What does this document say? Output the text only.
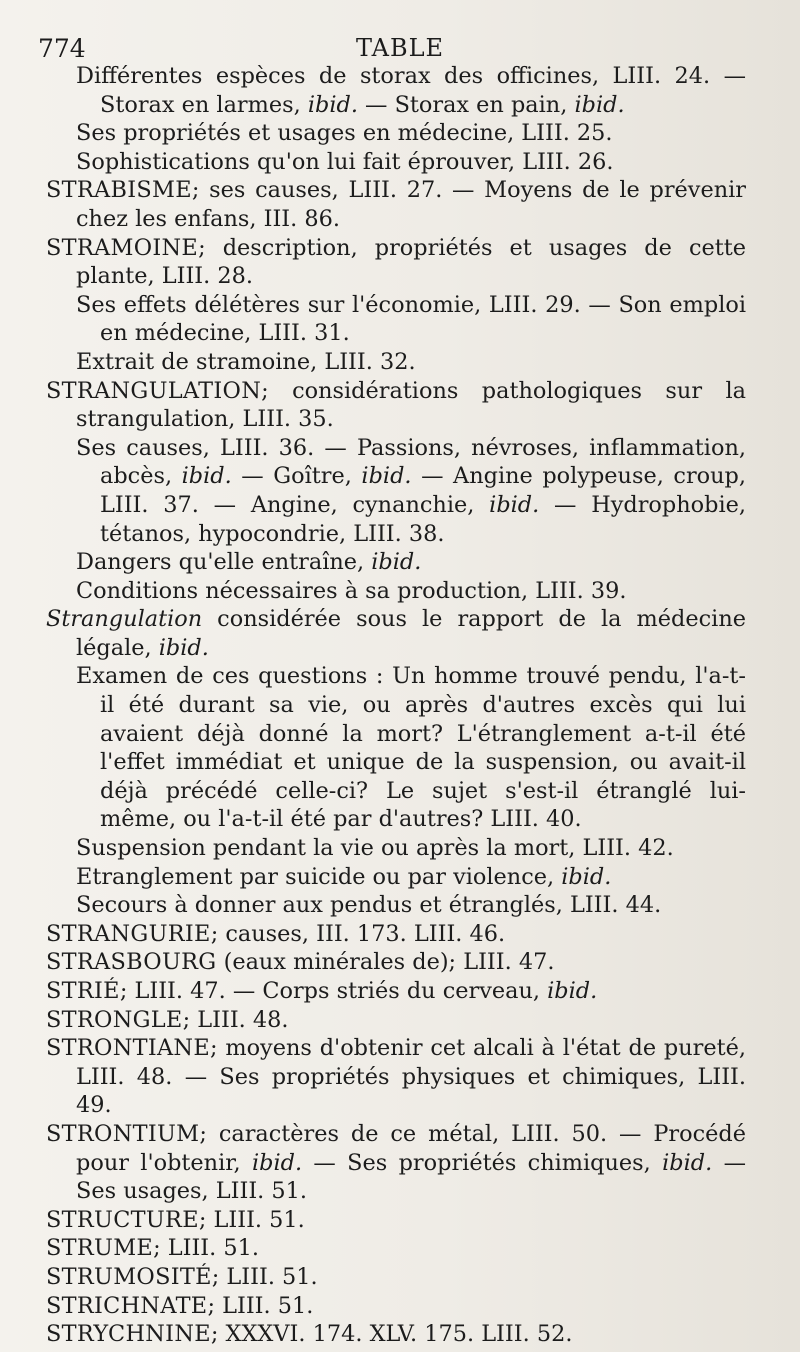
774	TABLE

Différentes espèces de storax des officines, LIII. 24. — Storax en larmes, ibid. — Storax en pain, ibid.

Ses propriétés et usages en médecine, LIII. 25.

Sophistications qu'on lui fait éprouver, LIII. 26.

STRABISME; ses causes, LIII. 27. — Moyens de le prévenir chez les enfans, III. 86.

STRAMOINE; description, propriétés et usages de cette plante, LIII. 28.

Ses effets délétères sur l'économie, LIII. 29. — Son emploi en médecine, LIII. 31.

Extrait de stramoine, LIII. 32.

STRANGULATION; considérations pathologiques sur la strangulation, LIII. 35.

Ses causes, LIII. 36. — Passions, névroses, inflammation, abcès, ibid. — Goître, ibid. — Angine polypeuse, croup, LIII. 37. — Angine, cynanchie, ibid. — Hydrophobie, tétanos, hypocondrie, LIII. 38.

Dangers qu'elle entraîne, ibid.

Conditions nécessaires à sa production, LIII. 39.

Strangulation considérée sous le rapport de la médecine légale, ibid.

Examen de ces questions : Un homme trouvé pendu, l'a-t-il été durant sa vie, ou après d'autres excès qui lui avaient déjà donné la mort? L'étranglement a-t-il été l'effet immédiat et unique de la suspension, ou avait-il déjà précédé celle-ci? Le sujet s'est-il étranglé lui-même, ou l'a-t-il été par d'autres? LIII. 40.

Suspension pendant la vie ou après la mort, LIII. 42.

Etranglement par suicide ou par violence, ibid.

Secours à donner aux pendus et étranglés, LIII. 44.

STRANGURIE; causes, III. 173. LIII. 46.

STRASBOURG (eaux minérales de); LIII. 47.

STRIÉ; LIII. 47. — Corps striés du cerveau, ibid.

STRONGLE; LIII. 48.

STRONTIANE; moyens d'obtenir cet alcali à l'état de pureté, LIII. 48. — Ses propriétés physiques et chimiques, LIII. 49.

STRONTIUM; caractères de ce métal, LIII. 50. — Procédé pour l'obtenir, ibid. — Ses propriétés chimiques, ibid. — Ses usages, LIII. 51.

STRUCTURE; LIII. 51.

STRUME; LIII. 51.

STRUMOSITÉ; LIII. 51.

STRICHNATE; LIII. 51.

STRYCHNINE; XXXVI. 174. XLV. 175. LIII. 52.
